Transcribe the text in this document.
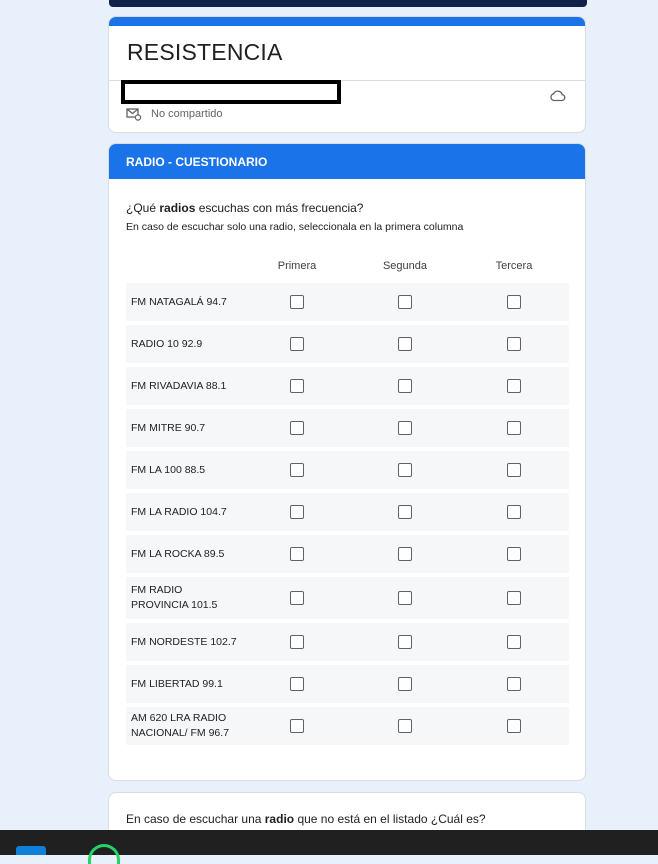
RESISTENCIA
No compartido
RADIO - CUESTIONARIO
¿Qué radios escuchas con más frecuencia?
En caso de escuchar solo una radio, seleccionala en la primera columna
Primera	Segunda	Tercera
FM NATAGALÁ 94.7
RADIO 10 92.9
FM RIVADAVIA 88.1
FM MITRE 90.7
FM LA 100 88.5
FM LA RADIO 104.7
FM LA ROCKA 89.5
FM RADIO PROVINCIA 101.5
FM NORDESTE 102.7
FM LIBERTAD 99.1
AM 620 LRA RADIO NACIONAL/ FM 96.7
En caso de escuchar una radio que no está en el listado ¿Cuál es?
